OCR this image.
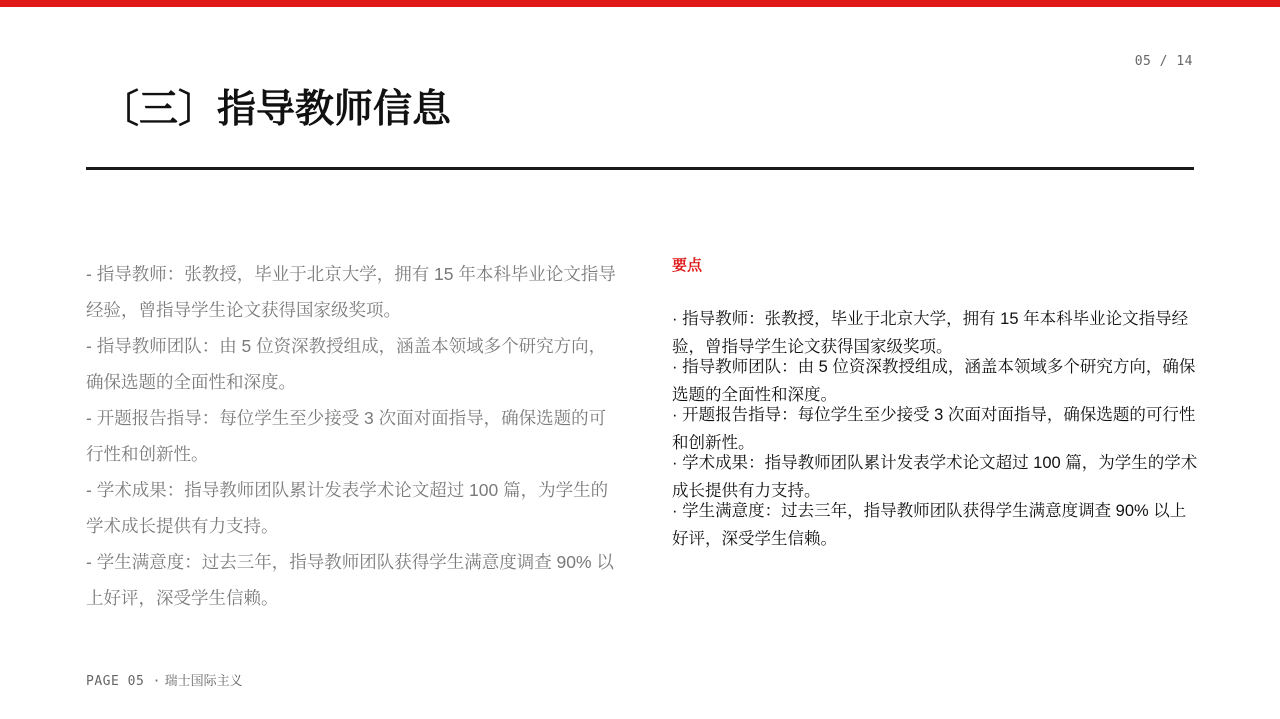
05 / 14
〔三〕指导教师信息

- 指导教师：张教授，毕业于北京大学，拥有 15 年本科毕业论文指导经验，曾指导学生论文获得国家级奖项。

- 指导教师团队：由 5 位资深教授组成，涵盖本领域多个研究方向，确保选题的全面性和深度。

- 开题报告指导：每位学生至少接受 3 次面对面指导，确保选题的可行性和创新性。

- 学术成果：指导教师团队累计发表学术论文超过 100 篇，为学生的学术成长提供有力支持。

- 学生满意度：过去三年，指导教师团队获得学生满意度调查 90% 以上好评，深受学生信赖。

要点
· 指导教师：张教授，毕业于北京大学，拥有 15 年本科毕业论文指导经验，曾指导学生论文获得国家级奖项。
· 指导教师团队：由 5 位资深教授组成，涵盖本领域多个研究方向，确保选题的全面性和深度。
· 开题报告指导：每位学生至少接受 3 次面对面指导，确保选题的可行性和创新性。
· 学术成果：指导教师团队累计发表学术论文超过 100 篇，为学生的学术成长提供有力支持。
· 学生满意度：过去三年，指导教师团队获得学生满意度调查 90% 以上好评，深受学生信赖。
PAGE 05 · 瑞士国际主义
